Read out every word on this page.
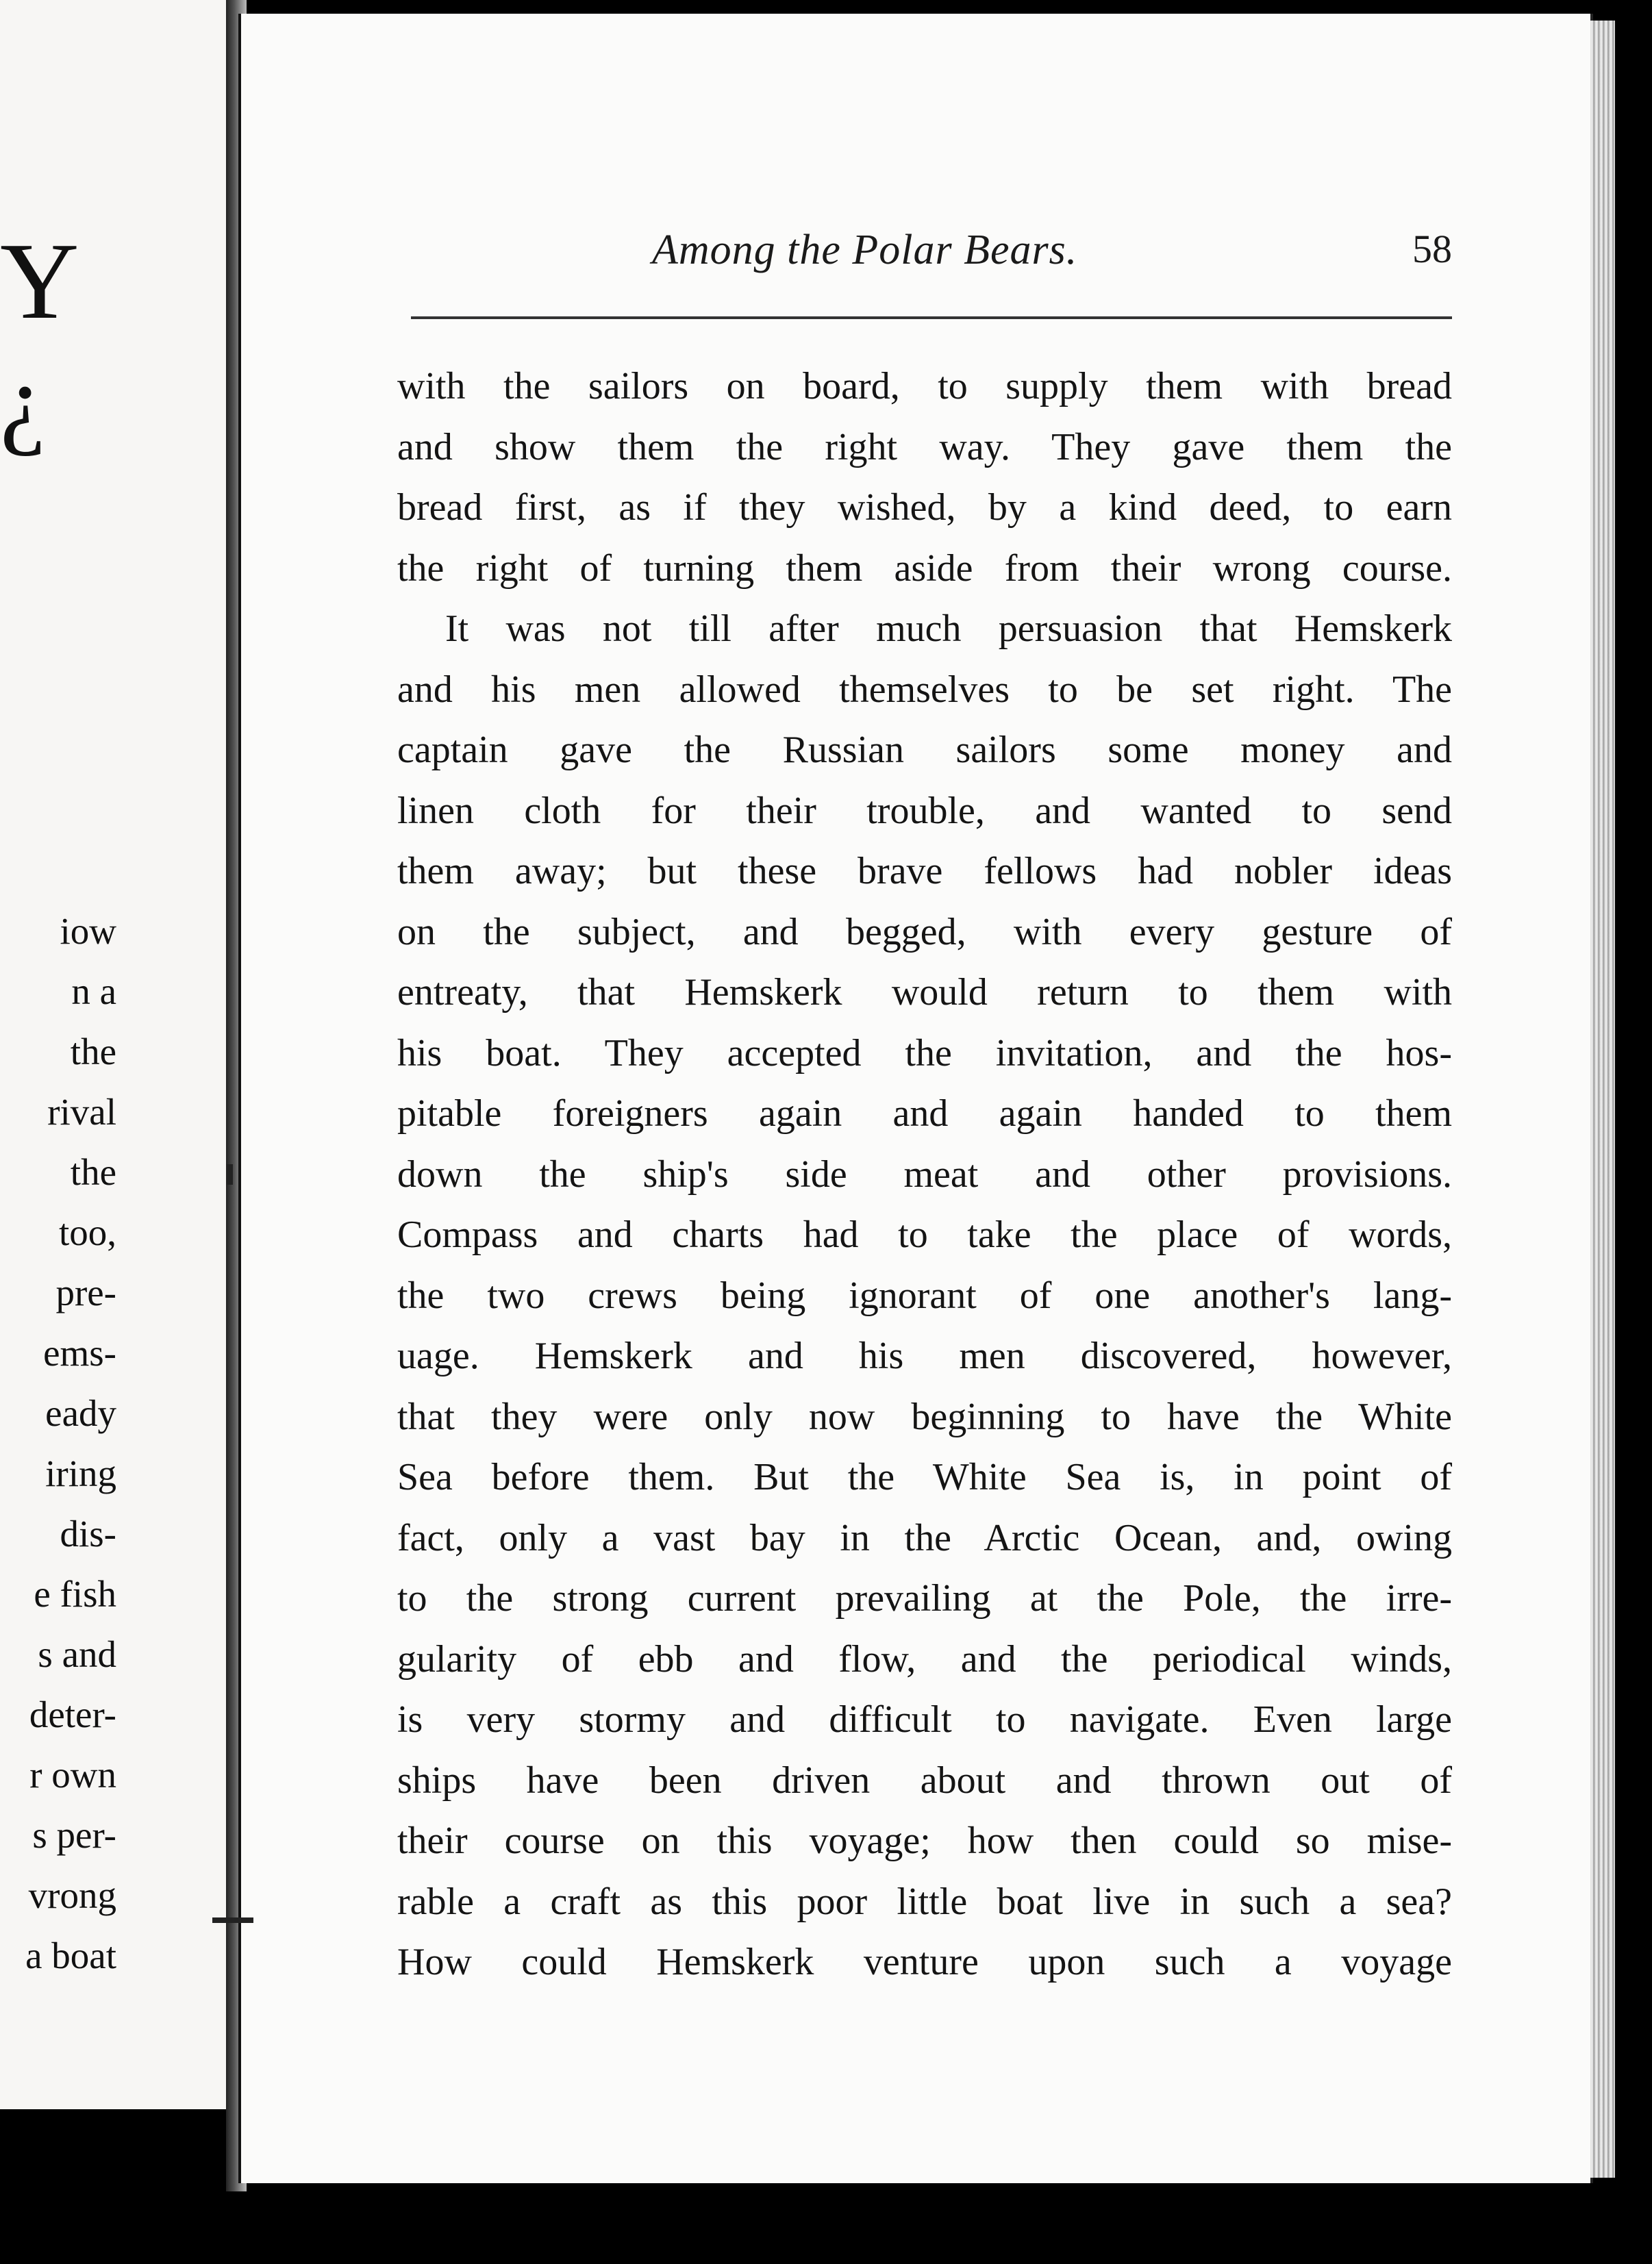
Y
¿
iow
n a
the
rival
the
too,
pre-
ems-
eady
iring
dis-
e fish
s and
deter-
r own
s per-
vrong
a boat
Among the Polar Bears.	58
with the sailors on board, to supply them with bread
and show them the right way. They gave them the
bread first, as if they wished, by a kind deed, to earn
the right of turning them aside from their wrong course.
It was not till after much persuasion that Hemskerk
and his men allowed themselves to be set right. The
captain gave the Russian sailors some money and
linen cloth for their trouble, and wanted to send
them away; but these brave fellows had nobler ideas
on the subject, and begged, with every gesture of
entreaty, that Hemskerk would return to them with
his boat. They accepted the invitation, and the hos-
pitable foreigners again and again handed to them
down the ship's side meat and other provisions.
Compass and charts had to take the place of words,
the two crews being ignorant of one another's lang-
uage. Hemskerk and his men discovered, however,
that they were only now beginning to have the White
Sea before them. But the White Sea is, in point of
fact, only a vast bay in the Arctic Ocean, and, owing
to the strong current prevailing at the Pole, the irre-
gularity of ebb and flow, and the periodical winds,
is very stormy and difficult to navigate. Even large
ships have been driven about and thrown out of
their course on this voyage; how then could so mise-
rable a craft as this poor little boat live in such a sea?
How could Hemskerk venture upon such a voyage
